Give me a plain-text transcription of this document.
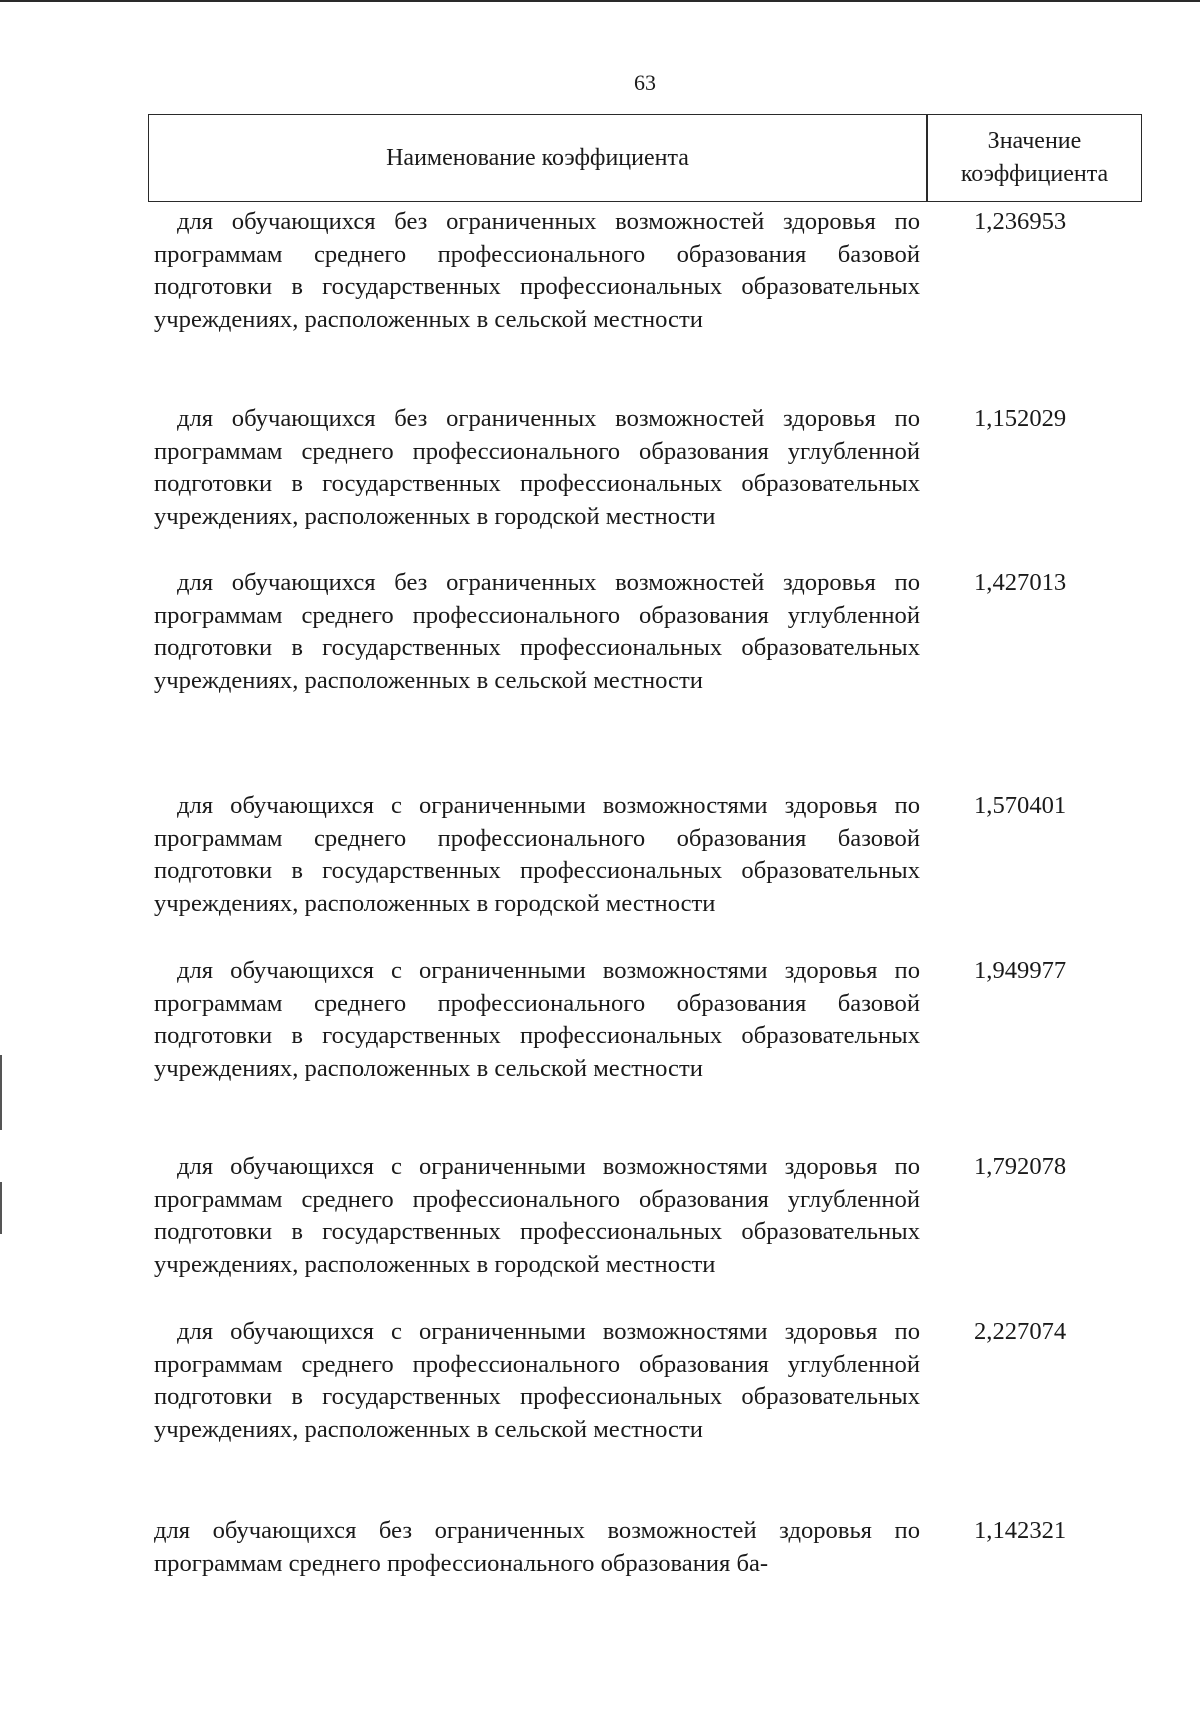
63
Наименование коэффициента
Значение
коэффициента
для обучающихся без ограниченных возможностей здоровья по программам среднего профессионального образования базовой подготовки в государственных профессиональных образовательных учреждениях, расположенных в сельской местности
1,236953
для обучающихся без ограниченных возможностей здоровья по программам среднего профессионального образования углубленной подготовки в государственных профессиональных образовательных учреждениях, расположенных в городской местности
1,152029
для обучающихся без ограниченных возможностей здоровья по программам среднего профессионального образования углубленной подготовки в государственных профессиональных образовательных учреждениях, расположенных в сельской местности
1,427013
для обучающихся с ограниченными возможностями здоровья по программам среднего профессионального образования базовой подготовки в государственных профессиональных образовательных учреждениях, расположенных в городской местности
1,570401
для обучающихся с ограниченными возможностями здоровья по программам среднего профессионального образования базовой подготовки в государственных профессиональных образовательных учреждениях, расположенных в сельской местности
1,949977
для обучающихся с ограниченными возможностями здоровья по программам среднего профессионального образования углубленной подготовки в государственных профессиональных образовательных учреждениях, расположенных в городской местности
1,792078
для обучающихся с ограниченными возможностями здоровья по программам среднего профессионального образования углубленной подготовки в государственных профессиональных образовательных учреждениях, расположенных в сельской местности
2,227074
для обучающихся без ограниченных возможностей здоровья по программам среднего профессионального образования ба-
1,142321
